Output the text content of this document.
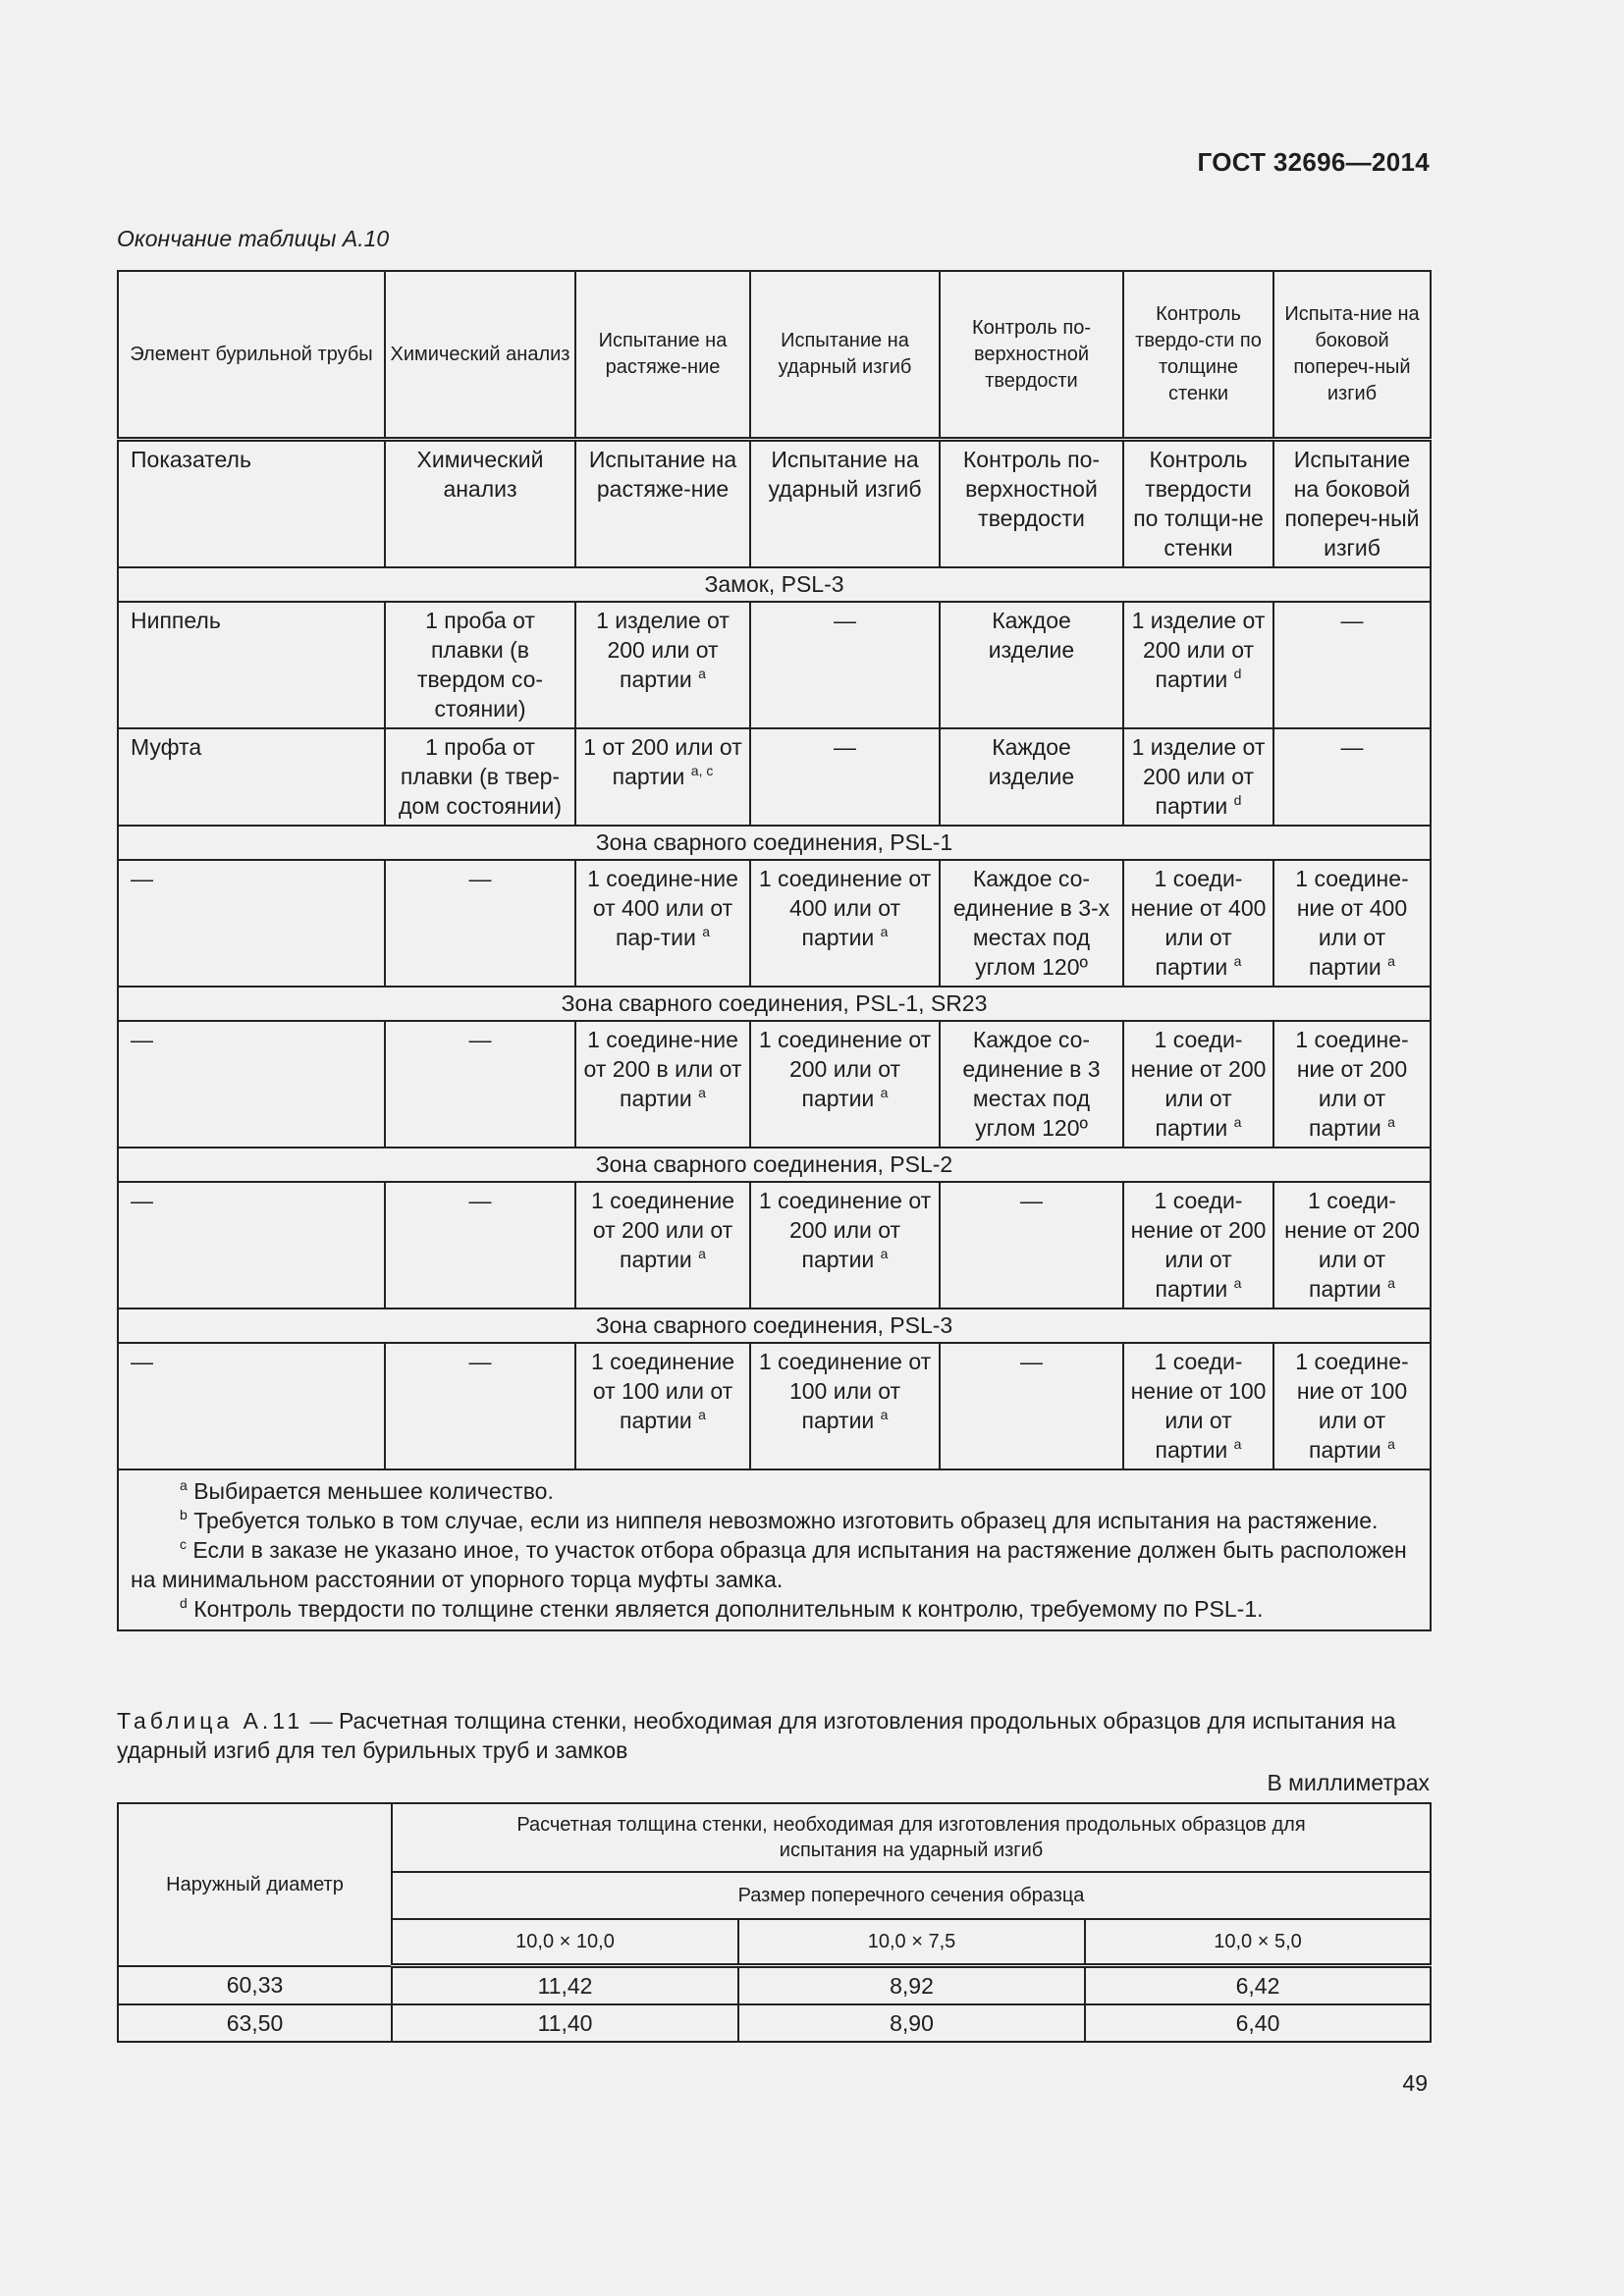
ГОСТ 32696—2014
Окончание таблицы А.10
Элемент бурильной трубы	Химический анализ	Испытание на растяже-ние	Испытание на ударный изгиб	Контроль по-верхностной твердости	Контроль твердо-сти по толщине стенки	Испыта-ние на боковой попереч-ный изгиб
Показатель	Химический анализ	Испытание на растяже-ние	Испытание на ударный изгиб	Контроль по-верхностной твердости	Контроль твердости по толщи-не стенки	Испытание на боковой попереч-ный изгиб
Замок, PSL-3						
Ниппель	1 проба от плавки (в твердом со-стоянии)	1 изделие от 200 или от партии $^a$	—	Каждое изделие	1 изделие от 200 или от партии $^d$	—
Муфта	1 проба от плавки (в твер-дом состоянии)	1 от 200 или от партии $^{a, c}$	—	Каждое изделие	1 изделие от 200 или от партии $^d$	—
Зона сварного соединения, PSL-1						
—	—	1 соедине-ние от 400 или от пар-тии $^a$	1 соединение от 400 или от партии $^a$	Каждое со-единение в 3-х местах под углом 120º	1 соеди-нение от 400 или от партии $^a$	1 соедине-ние от 400 или от партии $^a$
Зона сварного соединения, PSL-1, SR23						
—	—	1 соедине-ние от 200 в или от партии $^a$	1 соединение от 200 или от партии $^a$	Каждое со-единение в 3 местах под углом 120º	1 соеди-нение от 200 или от партии $^a$	1 соедине-ние от 200 или от партии $^a$
Зона сварного соединения, PSL-2						
—	—	1 соединение от 200 или от партии $^a$	1 соединение от 200 или от партии $^a$	—	1 соеди-нение от 200 или от партии $^a$	1 соеди-нение от 200 или от партии $^a$
Зона сварного соединения, PSL-3						
—	—	1 соединение от 100 или от партии $^a$	1 соединение от 100 или от партии $^a$	—	1 соеди-нение от 100 или от партии $^a$	1 соедине-ние от 100 или от партии $^a$

$^a$ Выбирается меньшее количество.
$^b$ Требуется только в том случае, если из ниппеля невозможно изготовить образец для испытания на растяжение.
$^c$ Если в заказе не указано иное, то участок отбора образца для испытания на растяжение должен быть расположен на минимальном расстоянии от упорного торца муфты замка.
$^d$ Контроль твердости по толщине стенки является дополнительным к контролю, требуемому по PSL-1.						
Таблица А.11 — Расчетная толщина стенки, необходимая для изготовления продольных образцов для испытания на ударный изгиб для тел бурильных труб и замков
В миллиметрах
Наружный диаметр	Расчетная толщина стенки, необходимая для изготовления продольных образцов для испытания на ударный изгиб		
	Размер поперечного сечения образца		
	10,0 × 10,0	10,0 × 7,5	10,0 × 5,0
60,33	11,42	8,92	6,42
63,50	11,40	8,90	6,40
49
